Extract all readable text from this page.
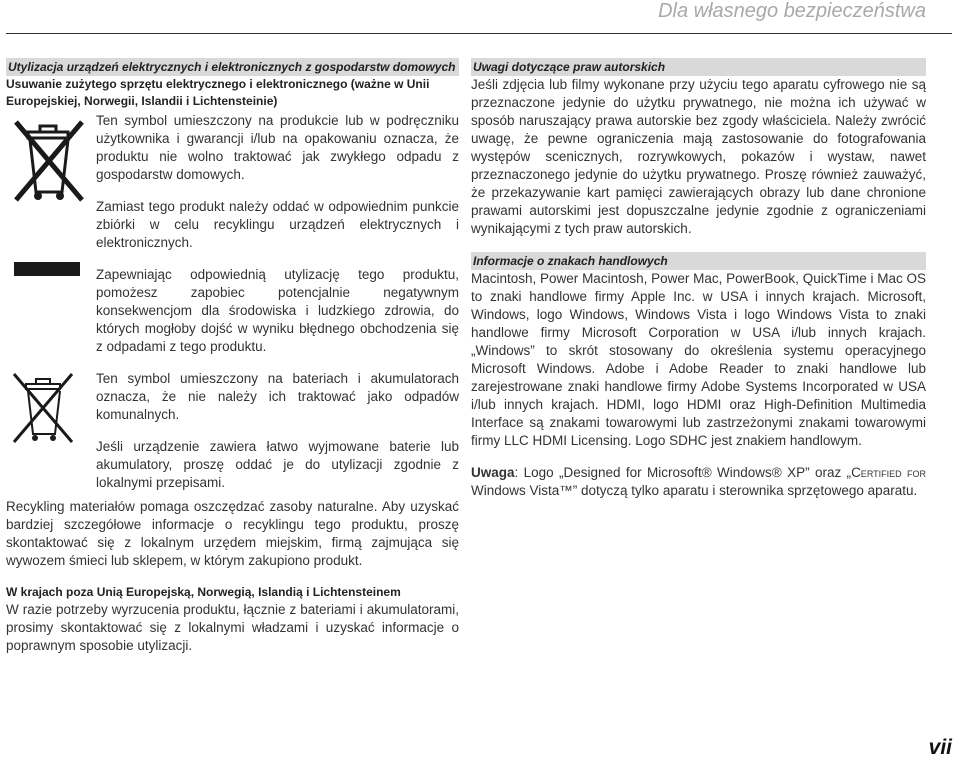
Dla własnego bezpieczeństwa
Utylizacja urządzeń elektrycznych i elektronicznych z gospodarstw domowych
Usuwanie zużytego sprzętu elektrycznego i elektronicznego (ważne w Unii Europejskiej, Norwegii, Islandii i Lichtensteinie)

Ten symbol umieszczony na produkcie lub w podręczniku użytkownika i gwarancji i/lub na opakowaniu oznacza, że produktu nie wolno traktować jak zwykłego odpadu z gospodarstw domowych.

Zamiast tego produkt należy oddać w odpowiednim punkcie zbiórki w celu recyklingu urządzeń elektrycznych i elektronicznych.

Zapewniając odpowiednią utylizację tego produktu, pomożesz zapobiec potencjalnie negatywnym konsekwencjom dla środowiska i ludzkiego zdrowia, do których mogłoby dojść w wyniku błędnego obchodzenia się z odpadami z tego produktu.

Ten symbol umieszczony na bateriach i akumulatorach oznacza, że nie należy ich traktować jako odpadów komunalnych.

Jeśli urządzenie zawiera łatwo wyjmowane baterie lub akumulatory, proszę oddać je do utylizacji zgodnie z lokalnymi przepisami.

Recykling materiałów pomaga oszczędzać zasoby naturalne. Aby uzyskać bardziej szczegółowe informacje o recyklingu tego produktu, proszę skontaktować się z lokalnym urzędem miejskim, firmą zajmująca się wywozem śmieci lub sklepem, w którym zakupiono produkt.

W krajach poza Unią Europejską, Norwegią, Islandią i Lichtensteinem

W razie potrzeby wyrzucenia produktu, łącznie z bateriami i akumulatorami, prosimy skontaktować się z lokalnymi władzami i uzyskać informacje o poprawnym sposobie utylizacji.

Uwagi dotyczące praw autorskich

Jeśli zdjęcia lub filmy wykonane przy użyciu tego aparatu cyfrowego nie są przeznaczone jedynie do użytku prywatnego, nie można ich używać w sposób naruszający prawa autorskie bez zgody właściciela. Należy zwrócić uwagę, że pewne ograniczenia mają zastosowanie do fotografowania występów scenicznych, rozrywkowych, pokazów i wystaw, nawet przeznaczonego jedynie do użytku prywatnego. Proszę również zauważyć, że przekazywanie kart pamięci zawierających obrazy lub dane chronione prawami autorskimi jest dopuszczalne jedynie zgodnie z ograniczeniami wynikającymi z tych praw autorskich.

Informacje o znakach handlowych

Macintosh, Power Macintosh, Power Mac, PowerBook, QuickTime i Mac OS to znaki handlowe firmy Apple Inc. w USA i innych krajach. Microsoft, Windows, logo Windows, Windows Vista i logo Windows Vista to znaki handlowe firmy Microsoft Corporation w USA i/lub innych krajach. „Windows” to skrót stosowany do określenia systemu operacyjnego Microsoft Windows. Adobe i Adobe Reader to znaki handlowe lub zarejestrowane znaki handlowe firmy Adobe Systems Incorporated w USA i/lub innych krajach. HDMI, logo HDMI oraz High-Definition Multimedia Interface są znakami towarowymi lub zastrzeżonymi znakami towarowymi firmy LLC HDMI Licensing. Logo SDHC jest znakiem handlowym.

Uwaga: Logo „Designed for Microsoft® Windows® XP” oraz „Certified for Windows Vista™” dotyczą tylko aparatu i sterownika sprzętowego aparatu.

vii
